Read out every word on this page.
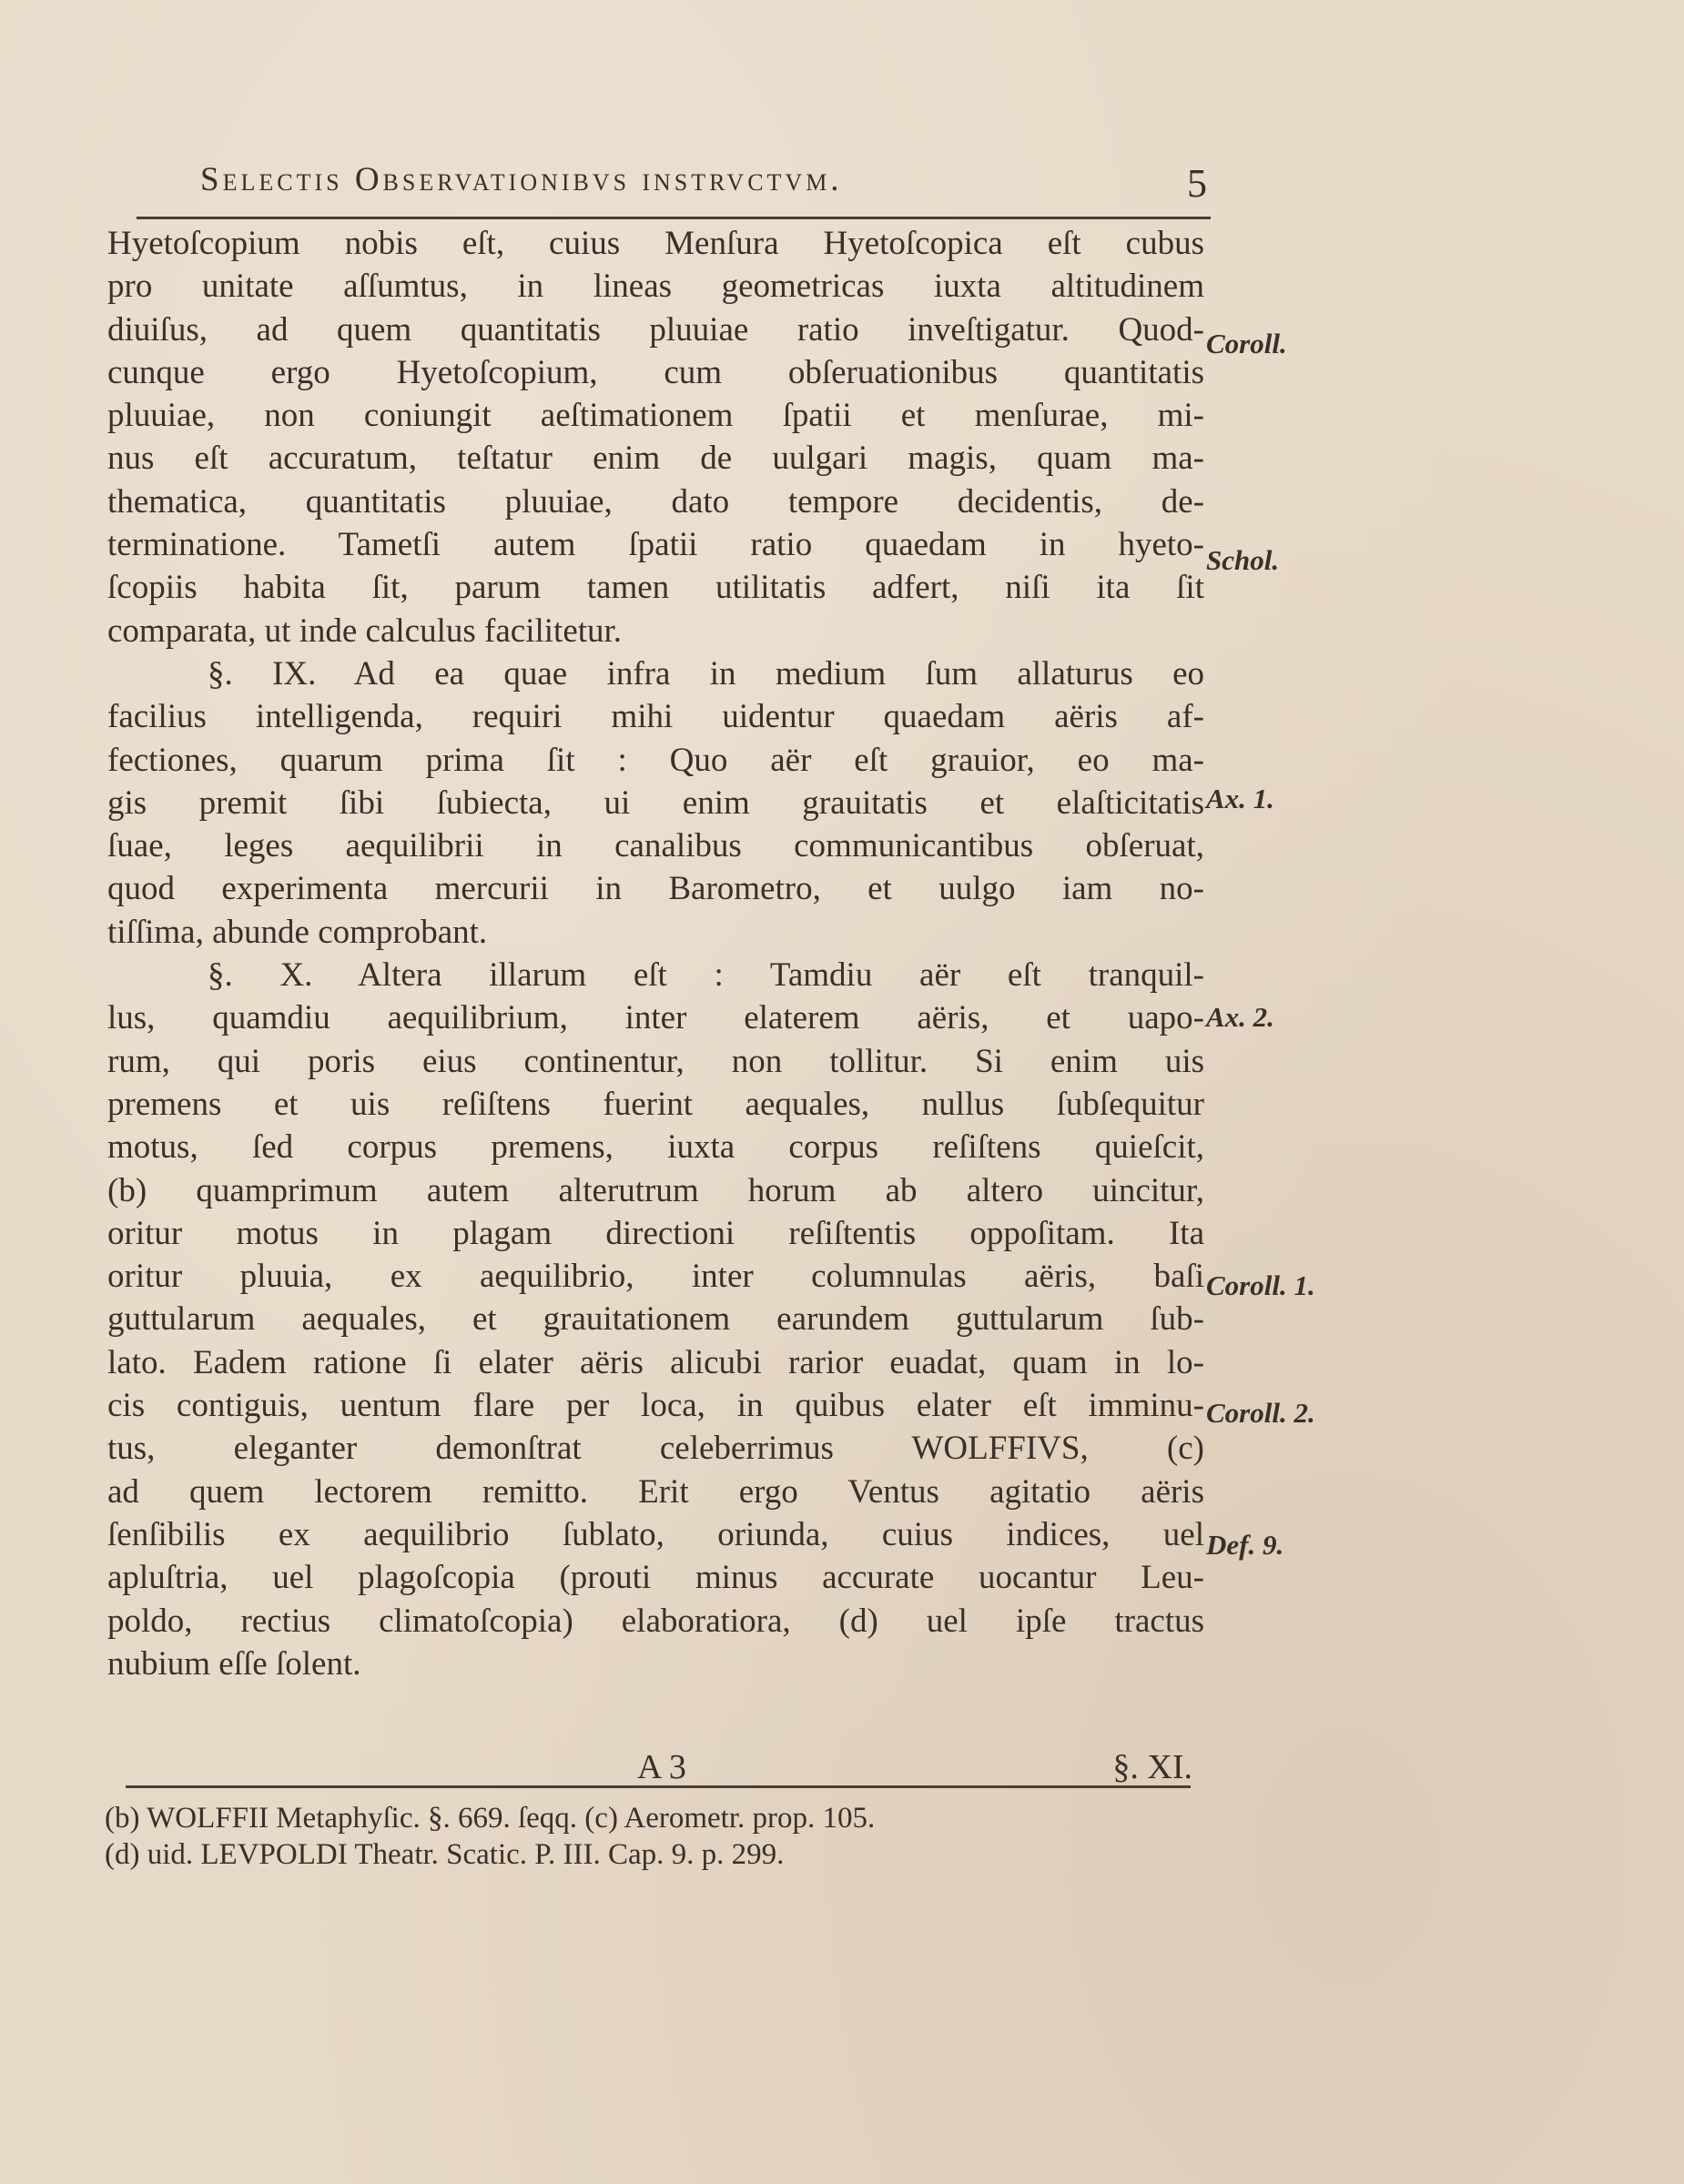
Selectis Observationibvs instrvctvm.	5
Hyetoſcopium nobis eſt, cuius Menſura Hyetoſcopica eſt cubus
pro unitate aſſumtus, in lineas geometricas iuxta altitudinem
diuiſus, ad quem quantitatis pluuiae ratio inveſtigatur. Quod-
cunque ergo Hyetoſcopium, cum obſeruationibus quantitatis
pluuiae, non coniungit aeſtimationem ſpatii et menſurae, mi-
nus eſt accuratum, teſtatur enim de uulgari magis, quam ma-
thematica, quantitatis pluuiae, dato tempore decidentis, de-
terminatione. Tametſi autem ſpatii ratio quaedam in hyeto-
ſcopiis habita ſit, parum tamen utilitatis adfert, niſi ita ſit
comparata, ut inde calculus facilitetur.
§. IX. Ad ea quae infra in medium ſum allaturus eo
facilius intelligenda, requiri mihi uidentur quaedam aëris af-
fectiones, quarum prima ſit : Quo aër eſt grauior, eo ma-
gis premit ſibi ſubiecta, ui enim grauitatis et elaſticitatis
ſuae, leges aequilibrii in canalibus communicantibus obſeruat,
quod experimenta mercurii in Barometro, et uulgo iam no-
tiſſima, abunde comprobant.
§. X. Altera illarum eſt : Tamdiu aër eſt tranquil-
lus, quamdiu aequilibrium, inter elaterem aëris, et uapo-
rum, qui poris eius continentur, non tollitur. Si enim uis
premens et uis reſiſtens fuerint aequales, nullus ſubſequitur
motus, ſed corpus premens, iuxta corpus reſiſtens quieſcit,
(b) quamprimum autem alterutrum horum ab altero uincitur,
oritur motus in plagam directioni reſiſtentis oppoſitam. Ita
oritur pluuia, ex aequilibrio, inter columnulas aëris, baſi
guttularum aequales, et grauitationem earundem guttularum ſub-
lato. Eadem ratione ſi elater aëris alicubi rarior euadat, quam in lo-
cis contiguis, uentum flare per loca, in quibus elater eſt imminu-
tus, eleganter demonſtrat celeberrimus WOLFFIVS, (c)
ad quem lectorem remitto. Erit ergo Ventus agitatio aëris
ſenſibilis ex aequilibrio ſublato, oriunda, cuius indices, uel
apluſtria, uel plagoſcopia (prouti minus accurate uocantur Leu-
poldo, rectius climatoſcopia) elaboratiora, (d) uel ipſe tractus
nubium eſſe ſolent.
Coroll.
Schol.
Ax. 1.
Ax. 2.
Coroll. 1.
Coroll. 2.
Def. 9.
A 3	§. XI.
(b) WOLFFII Metaphyſic. §. 669. ſeqq. (c) Aerometr. prop. 105.
(d) uid. LEVPOLDI Theatr. Scatic. P. III. Cap. 9. p. 299.
